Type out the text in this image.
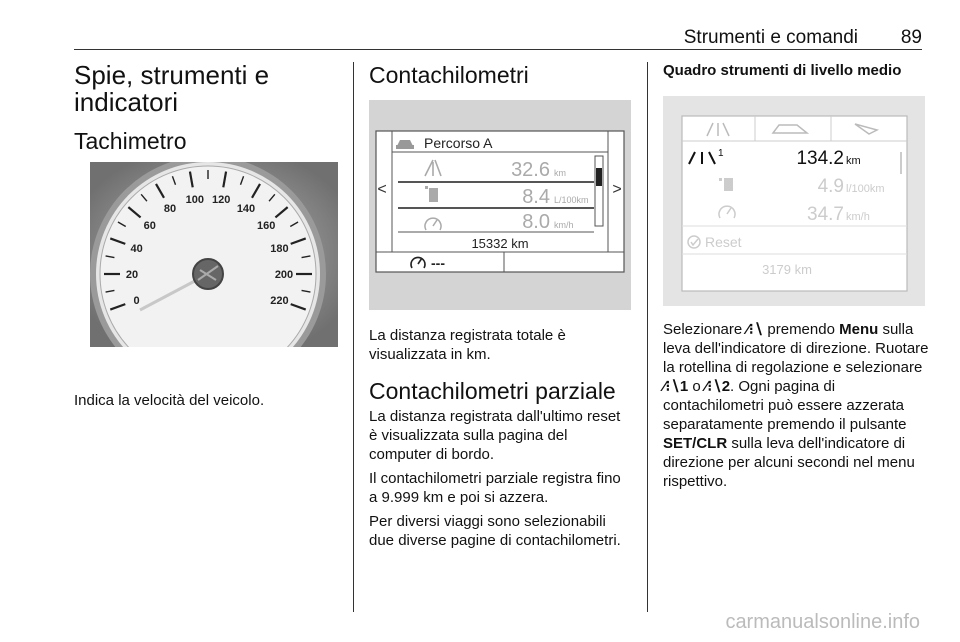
Strumenti e comandi 89
Spie, strumenti e indicatori
Tachimetro
0
20
40
60
80
100 120
140
160
180
200
220

Indica la velocità del veicolo.

Contachilometri
<	>
Percorso A
32.6 km
8.4 L/100km
8.0 km/h
15332 km
---

La distanza registrata totale è visualizzata in km.

Contachilometri parziale

La distanza registrata dall'ultimo reset è visualizzata sulla pagina del computer di bordo.

Il contachilometri parziale registra fino a 9.999 km e poi si azzera.

Per diversi viaggi sono selezionabili due diverse pagine di contachilometri.

Quadro strumenti di livello medio
1	134.2 km
4.9 l/100km
34.7 km/h
Reset
3179 km

Selezionare ⁄⁝∖ premendo Menu sulla leva dell'indicatore di direzione. Ruotare la rotellina di regolazione e selezionare ⁄⁝∖1 o ⁄⁝∖2. Ogni pagina di contachilometri può essere azzerata separatamente premendo il pulsante SET/CLR sulla leva dell'indicatore di direzione per alcuni secondi nel menu rispettivo.

carmanualsonline.info
